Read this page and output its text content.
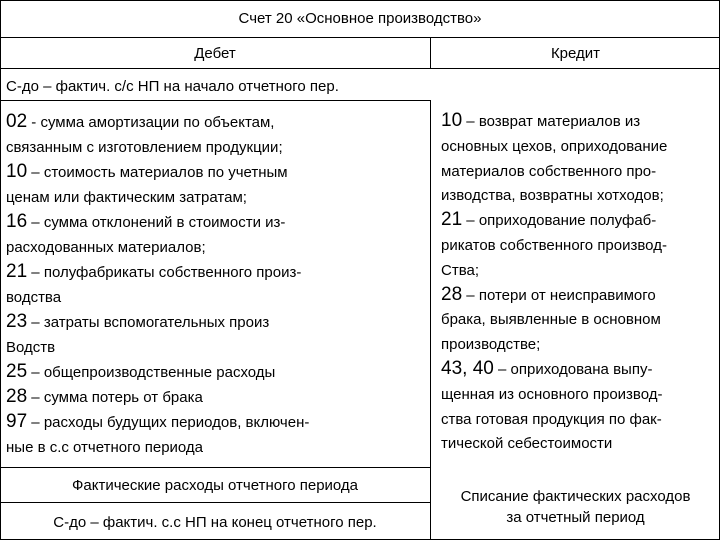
Счет 20 «Основное производство»
Дебет	Кредит
С-до – фактич. с/с НП на начало отчетного пер.
02 - сумма амортизации по объектам,
связанным с изготовлением продукции;
10 – стоимость материалов по учетным
ценам или фактическим затратам;
16 – сумма отклонений в стоимости из-
расходованных материалов;
21 – полуфабрикаты собственного произ-
водства
23 – затраты вспомогательных произ
Водств
25 – общепроизводственные расходы
28 – сумма потерь от брака
97 – расходы будущих периодов, включен-
ные в с.с отчетного периода
10 – возврат материалов из
основных цехов, оприходование
материалов собственного про-
изводства, возвратны хотходов;
21 – оприходование полуфаб-
рикатов собственного производ-
Ства;
28 – потери от неисправимого
брака, выявленные в основном
производстве;
43, 40 – оприходована выпу-
щенная из основного производ-
ства готовая продукция по фак-
тической себестоимости
Фактические расходы отчетного периода
Списание фактических расходов
за отчетный период
С-до – фактич. с.с НП на конец отчетного пер.
